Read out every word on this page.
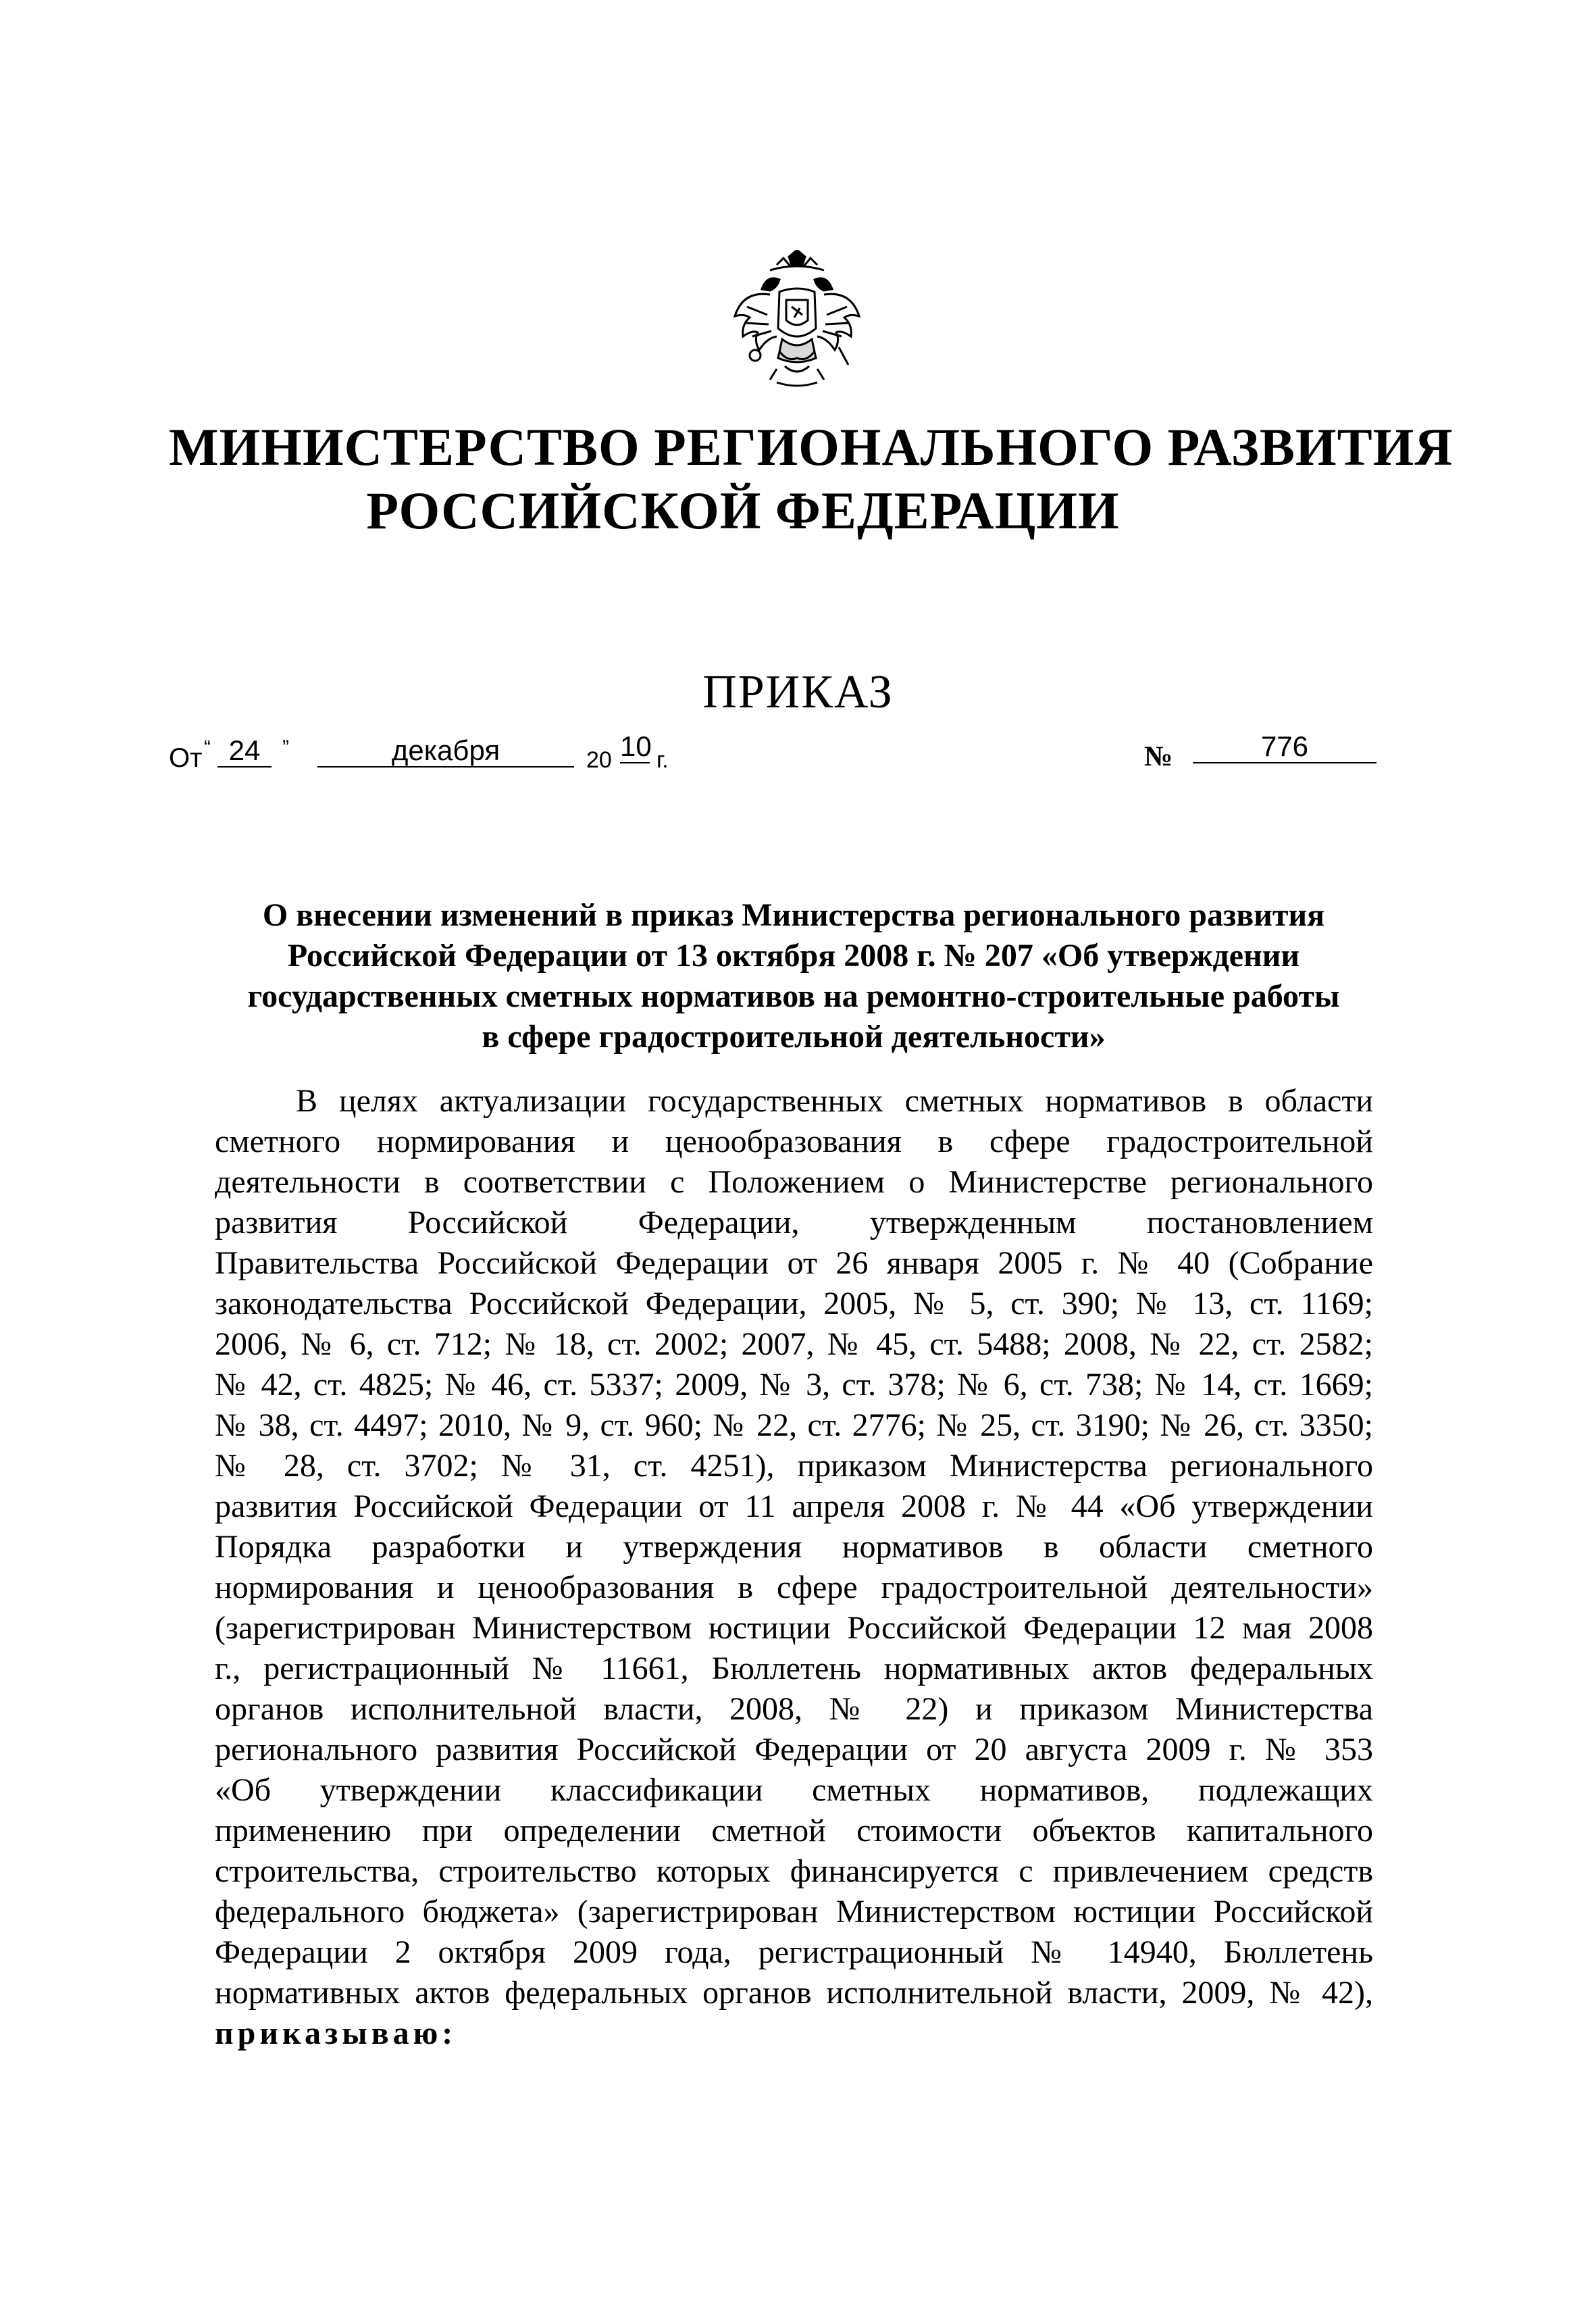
МИНИСТЕРСТВО РЕГИОНАЛЬНОГО РАЗВИТИЯ
РОССИЙСКОЙ ФЕДЕРАЦИИ
ПРИКАЗ
От “ 24	”	декабря	20 10 г.	№	776
О внесении изменений в приказ Министерства регионального развития
Российской Федерации от 13 октября 2008 г. № 207 «Об утверждении
государственных сметных нормативов на ремонтно-строительные работы
в сфере градостроительной деятельности»
В целях актуализации государственных сметных нормативов в области
сметного нормирования и ценообразования в сфере градостроительной
деятельности в соответствии с Положением о Министерстве регионального
развития Российской Федерации, утвержденным постановлением
Правительства Российской Федерации от 26 января 2005 г. № 40 (Собрание
законодательства Российской Федерации, 2005, № 5, ст. 390; № 13, ст. 1169;
2006, № 6, ст. 712; № 18, ст. 2002; 2007, № 45, ст. 5488; 2008, № 22, ст. 2582;
№ 42, ст. 4825; № 46, ст. 5337; 2009, № 3, ст. 378; № 6, ст. 738; № 14, ст. 1669;
№ 38, ст. 4497; 2010, № 9, ст. 960; № 22, ст. 2776; № 25, ст. 3190; № 26, ст. 3350;
№ 28, ст. 3702; № 31, ст. 4251), приказом Министерства регионального
развития Российской Федерации от 11 апреля 2008 г. № 44 «Об утверждении
Порядка разработки и утверждения нормативов в области сметного
нормирования и ценообразования в сфере градостроительной деятельности»
(зарегистрирован Министерством юстиции Российской Федерации 12 мая 2008
г., регистрационный № 11661, Бюллетень нормативных актов федеральных
органов исполнительной власти, 2008, № 22) и приказом Министерства
регионального развития Российской Федерации от 20 августа 2009 г. № 353
«Об утверждении классификации сметных нормативов, подлежащих
применению при определении сметной стоимости объектов капитального
строительства, строительство которых финансируется с привлечением средств
федерального бюджета» (зарегистрирован Министерством юстиции Российской
Федерации 2 октября 2009 года, регистрационный № 14940, Бюллетень
нормативных актов федеральных органов исполнительной власти, 2009, № 42),
приказываю:
